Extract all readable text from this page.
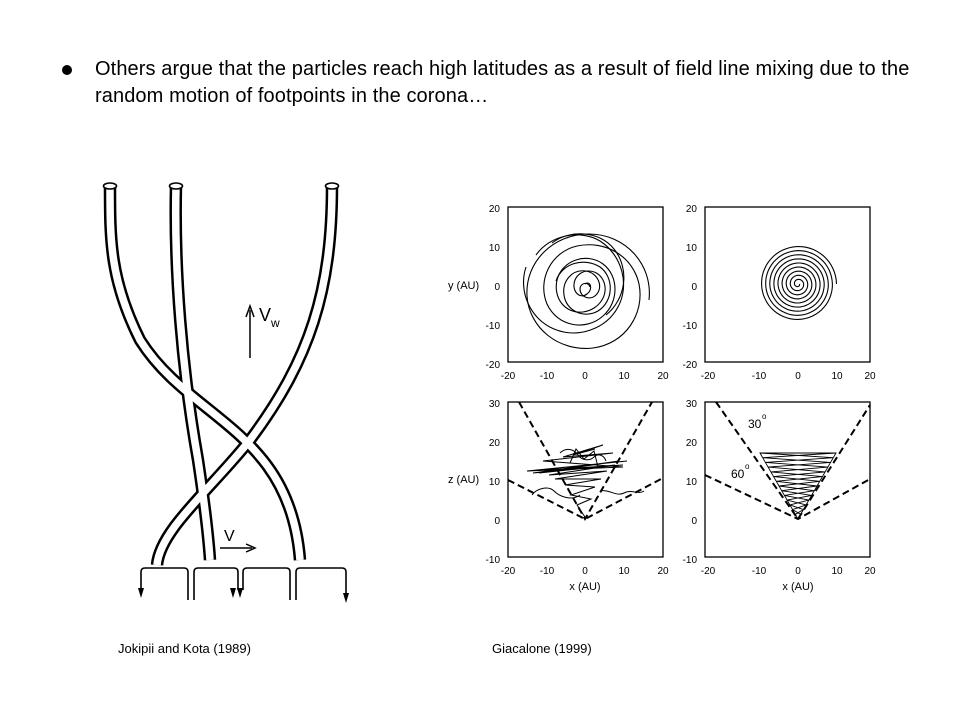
Others argue that the particles reach high latitudes as a result of field line mixing due to the random motion of footpoints in the corona…
V w
V
Jokipii and Kota (1989)
20
10
0
-10
-20
-20 -10	0	10	20
y (AU)
20
10
0
-10
-20
-20	-10	0	10 20
30
20
10
0
-10
-20 -10	0	10	20
z (AU)
x (AU)
30
20
10
0
-10
-20	-10	0	10 20
x (AU)
30
o
60
o
Giacalone (1999)
